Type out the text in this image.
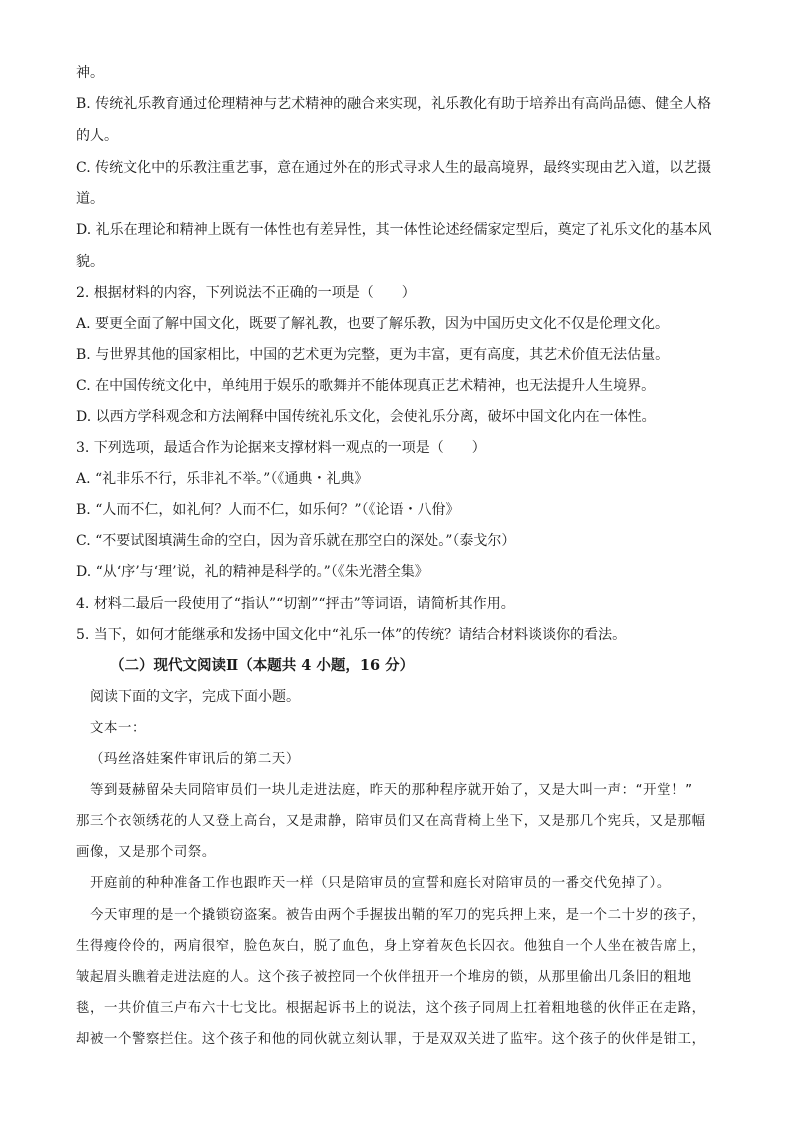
神。
B. 传统礼乐教育通过伦理精神与艺术精神的融合来实现，礼乐教化有助于培养出有高尚品德、健全人格
的人。
C. 传统文化中的乐教注重艺事，意在通过外在的形式寻求人生的最高境界，最终实现由艺入道，以艺摄
道。
D. 礼乐在理论和精神上既有一体性也有差异性，其一体性论述经儒家定型后，奠定了礼乐文化的基本风
貌。
2. 根据材料的内容，下列说法不正确的一项是（　　）
A. 要更全面了解中国文化，既要了解礼教，也要了解乐教，因为中国历史文化不仅是伦理文化。
B. 与世界其他的国家相比，中国的艺术更为完整，更为丰富，更有高度，其艺术价值无法估量。
C. 在中国传统文化中，单纯用于娱乐的歌舞并不能体现真正艺术精神，也无法提升人生境界。
D. 以西方学科观念和方法阐释中国传统礼乐文化，会使礼乐分离，破坏中国文化内在一体性。
3. 下列选项，最适合作为论据来支撑材料一观点的一项是（　　）
A. “礼非乐不行，乐非礼不举。”（《通典・礼典》
B. “人而不仁，如礼何？人而不仁，如乐何？”（《论语・八佾》
C. “不要试图填满生命的空白，因为音乐就在那空白的深处。”（泰戈尔）
D. “从‘序’与‘理’说，礼的精神是科学的。”（《朱光潜全集》
4. 材料二最后一段使用了“指认”“切割”“抨击”等词语，请简析其作用。
5. 当下，如何才能继承和发扬中国文化中“礼乐一体”的传统？请结合材料谈谈你的看法。
（二）现代文阅读Ⅱ（本题共 4 小题，16 分）
阅读下面的文字，完成下面小题。
文本一：
（玛丝洛娃案件审讯后的第二天）
等到聂赫留朵夫同陪审员们一块儿走进法庭，昨天的那种程序就开始了，又是大叫一声：“开堂！”
那三个衣领绣花的人又登上高台，又是肃静，陪审员们又在高背椅上坐下，又是那几个宪兵，又是那幅
画像，又是那个司祭。
开庭前的种种准备工作也跟昨天一样（只是陪审员的宣誓和庭长对陪审员的一番交代免掉了）。
今天审理的是一个撬锁窃盗案。被告由两个手握拔出鞘的军刀的宪兵押上来，是一个二十岁的孩子，
生得瘦伶伶的，两肩很窄，脸色灰白，脱了血色，身上穿着灰色长囚衣。他独自一个人坐在被告席上，
皱起眉头瞧着走进法庭的人。这个孩子被控同一个伙伴扭开一个堆房的锁，从那里偷出几条旧的粗地
毯，一共价值三卢布六十七戈比。根据起诉书上的说法，这个孩子同周上扛着粗地毯的伙伴正在走路，
却被一个警察拦住。这个孩子和他的同伙就立刻认罪，于是双双关进了监牢。这个孩子的伙伴是钳工，
